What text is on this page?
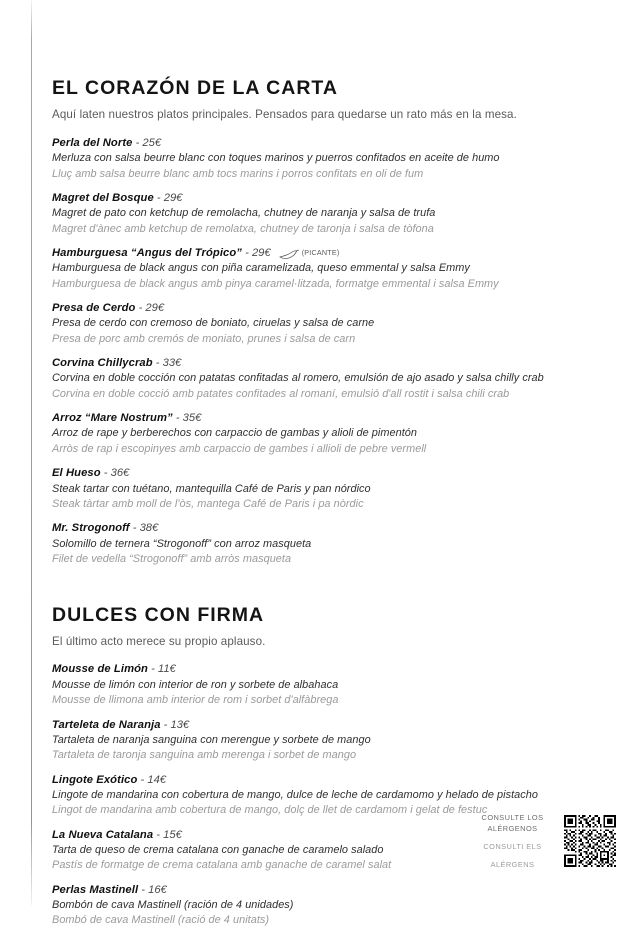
EL CORAZÓN DE LA CARTA

Aquí laten nuestros platos principales. Pensados para quedarse un rato más en la mesa.

Perla del Norte - 25€
Merluza con salsa beurre blanc con toques marinos y puerros confitados en aceite de humo
Lluç amb salsa beurre blanc amb tocs marins i porros confitats en oli de fum
Magret del Bosque - 29€
Magret de pato con ketchup de remolacha, chutney de naranja y salsa de trufa
Magret d'ànec amb ketchup de remolatxa, chutney de taronja i salsa de tòfona
Hamburguesa “Angus del Trópico” - 29€	(PICANTE)
Hamburguesa de black angus con piña caramelizada, queso emmental y salsa Emmy
Hamburguesa de black angus amb pinya caramel·litzada, formatge emmental i salsa Emmy
Presa de Cerdo - 29€
Presa de cerdo con cremoso de boniato, ciruelas y salsa de carne
Presa de porc amb cremós de moniato, prunes i salsa de carn
Corvina Chillycrab - 33€
Corvina en doble cocción con patatas confitadas al romero, emulsión de ajo asado y salsa chilly crab
Corvina en doble cocció amb patates confitades al romaní, emulsió d'all rostit i salsa chili crab
Arroz “Mare Nostrum” - 35€
Arroz de rape y berberechos con carpaccio de gambas y alioli de pimentón
Arròs de rap i escopinyes amb carpaccio de gambes i allioli de pebre vermell
El Hueso - 36€
Steak tartar con tuétano, mantequilla Café de Paris y pan nórdico
Steak tàrtar amb moll de l'òs, mantega Café de Paris i pa nòrdic
Mr. Strogonoff - 38€
Solomillo de ternera “Strogonoff” con arroz masqueta
Filet de vedella “Strogonoff” amb arròs masqueta
DULCES CON FIRMA

El último acto merece su propio aplauso.

Mousse de Limón - 11€
Mousse de limón con interior de ron y sorbete de albahaca
Mousse de llimona amb interior de rom i sorbet d'alfàbrega
Tarteleta de Naranja - 13€
Tartaleta de naranja sanguina con merengue y sorbete de mango
Tartaleta de taronja sanguina amb merenga i sorbet de mango
Lingote Exótico - 14€
Lingote de mandarina con cobertura de mango, dulce de leche de cardamomo y helado de pistacho
Lingot de mandarina amb cobertura de mango, dolç de llet de cardamom i gelat de festuc
La Nueva Catalana - 15€
Tarta de queso de crema catalana con ganache de caramelo salado
Pastís de formatge de crema catalana amb ganache de caramel salat
Perlas Mastinell - 16€
Bombón de cava Mastinell (ración de 4 unidades)
Bombó de cava Mastinell (ració de 4 unitats)
CONSULTE LOS
ALÉRGENOS
CONSULTI ELS
ALÉRGENS
